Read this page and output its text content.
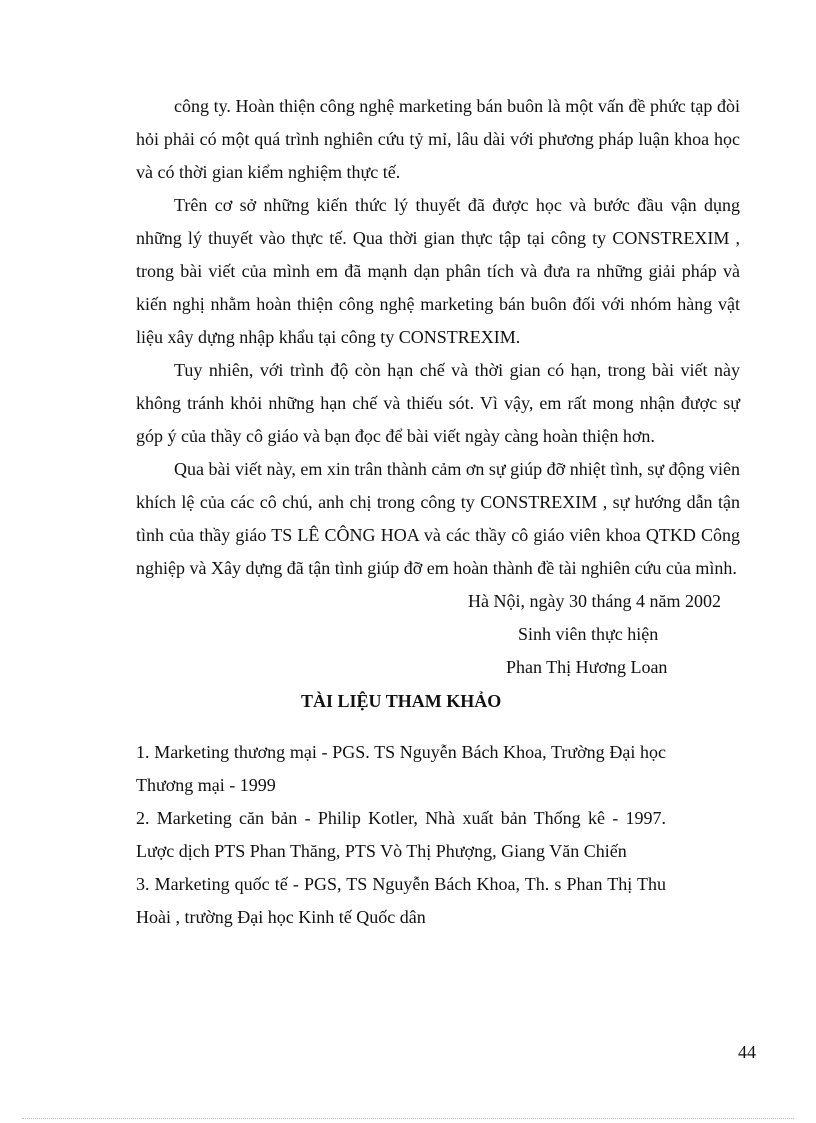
công ty. Hoàn thiện công nghệ marketing bán buôn là một vấn đề phức tạp đòi hỏi phải có một quá trình nghiên cứu tỷ mỉ, lâu dài với phương pháp luận khoa học và có thời gian kiểm nghiệm thực tế.

Trên cơ sở những kiến thức lý thuyết đã được học và bước đầu vận dụng những lý thuyết vào thực tế. Qua thời gian thực tập tại công ty CONSTREXIM , trong bài viết của mình em đã mạnh dạn phân tích và đưa ra những giải pháp và kiến nghị nhằm hoàn thiện công nghệ marketing bán buôn đối với nhóm hàng vật liệu xây dựng nhập khẩu tại công ty CONSTREXIM.

Tuy nhiên, với trình độ còn hạn chế và thời gian có hạn, trong bài viết này không tránh khỏi những hạn chế và thiếu sót. Vì vậy, em rất mong nhận được sự góp ý của thầy cô giáo và bạn đọc để bài viết ngày càng hoàn thiện hơn.

Qua bài viết này, em xin trân thành cảm ơn sự giúp đỡ nhiệt tình, sự động viên khích lệ của các cô chú, anh chị trong công ty CONSTREXIM , sự hướng dẫn tận tình của thầy giáo TS LÊ CÔNG HOA và các thầy cô giáo viên khoa QTKD Công nghiệp và Xây dựng đã tận tình giúp đỡ em hoàn thành đề tài nghiên cứu của mình.

Hà Nội, ngày 30 tháng 4 năm 2002

Sinh viên thực hiện

Phan Thị Hương Loan

TÀI LIỆU THAM KHẢO

1. Marketing thương mại - PGS. TS Nguyễn Bách Khoa, Trường Đại học Thương mại - 1999

2. Marketing căn bản - Philip Kotler, Nhà xuất bản Thống kê - 1997. Lược dịch PTS Phan Thăng, PTS Vò Thị Phượng, Giang Văn Chiến

3. Marketing quốc tế - PGS, TS Nguyễn Bách Khoa, Th. s Phan Thị Thu Hoài , trường Đại học Kinh tế Quốc dân

44
